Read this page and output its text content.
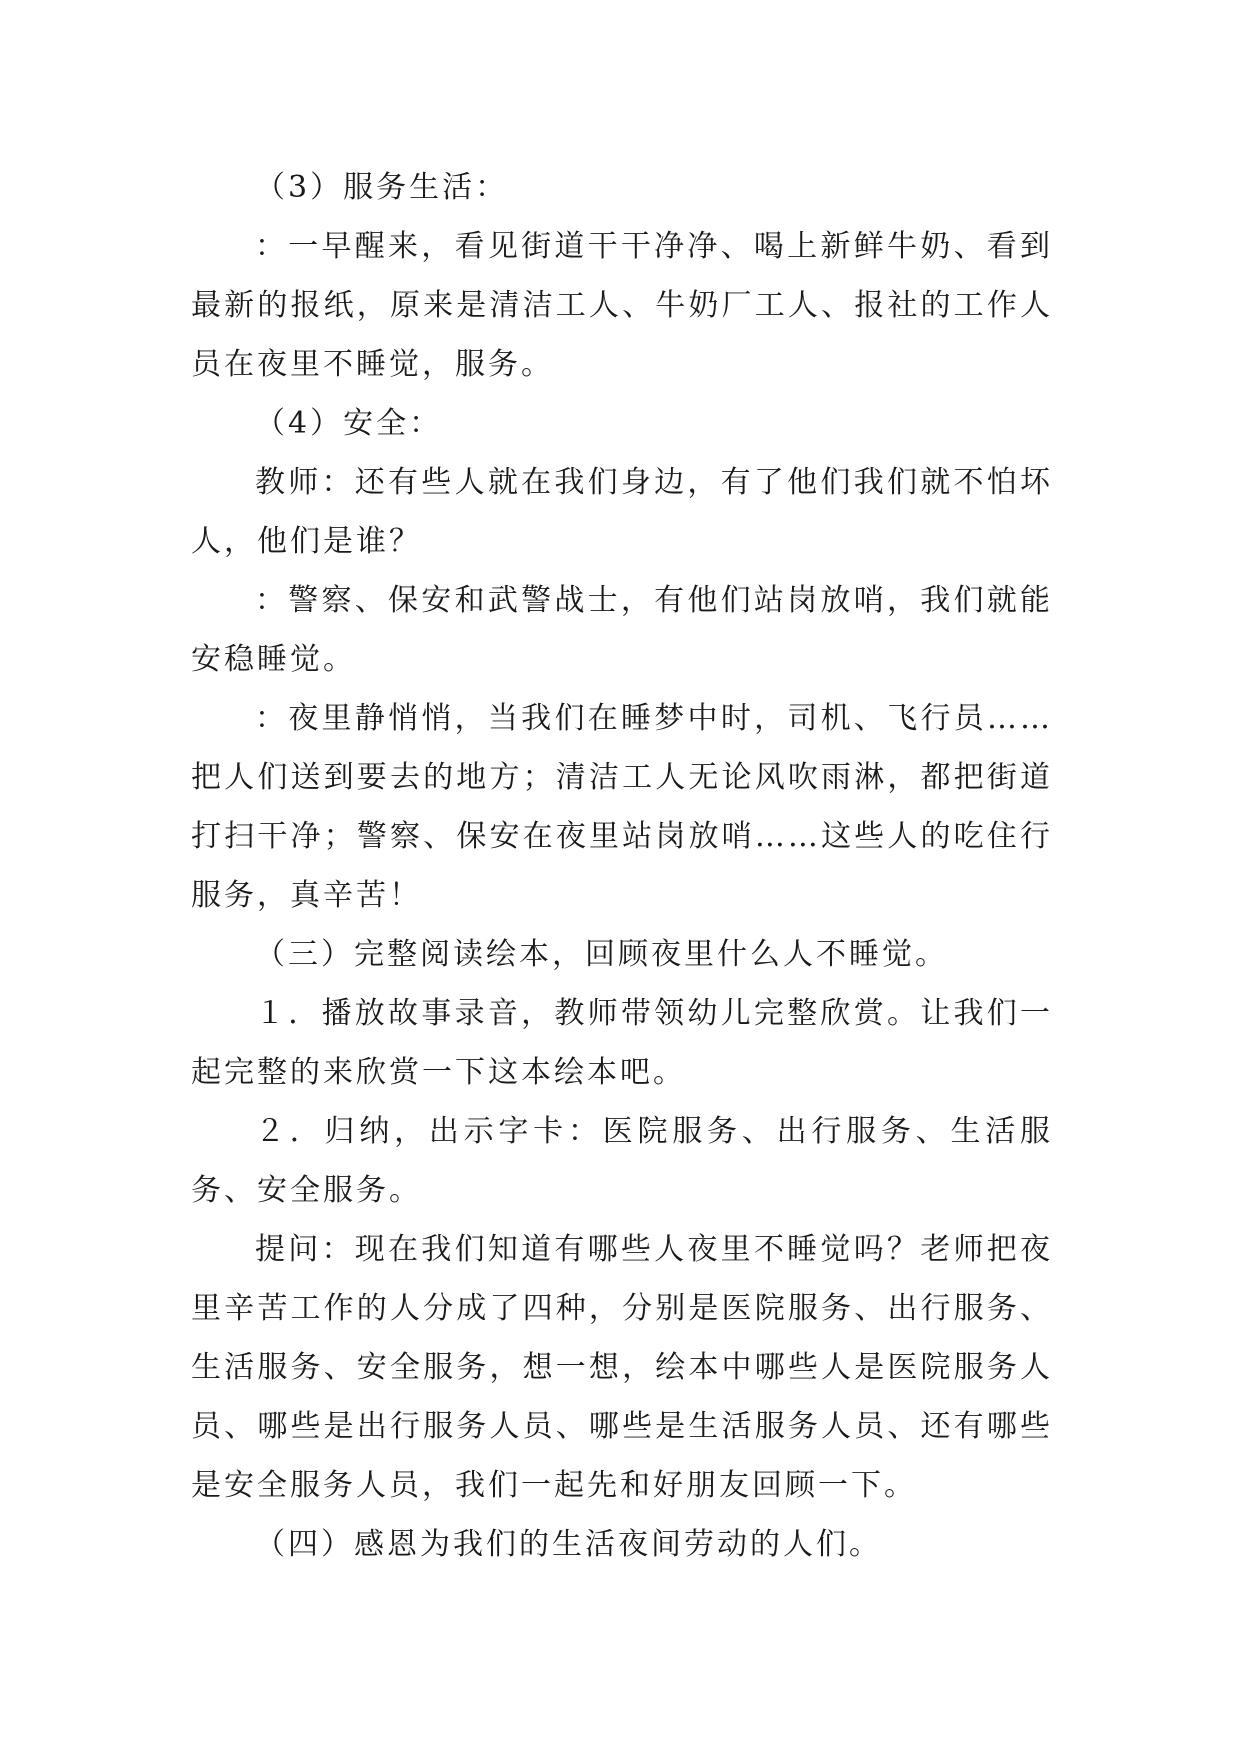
（3）服务生活：

：一早醒来，看见街道干干净净、喝上新鲜牛奶、看到最新的报纸，原来是清洁工人、牛奶厂工人、报社的工作人员在夜里不睡觉，服务。

（4）安全：

教师：还有些人就在我们身边，有了他们我们就不怕坏人，他们是谁？

：警察、保安和武警战士，有他们站岗放哨，我们就能安稳睡觉。

：夜里静悄悄，当我们在睡梦中时，司机、飞行员……把人们送到要去的地方；清洁工人无论风吹雨淋，都把街道打扫干净；警察、保安在夜里站岗放哨……这些人的吃住行服务，真辛苦！

（三）完整阅读绘本，回顾夜里什么人不睡觉。

１．播放故事录音，教师带领幼儿完整欣赏。让我们一起完整的来欣赏一下这本绘本吧。

２．归纳，出示字卡：医院服务、出行服务、生活服务、安全服务。

提问：现在我们知道有哪些人夜里不睡觉吗？老师把夜里辛苦工作的人分成了四种，分别是医院服务、出行服务、生活服务、安全服务，想一想，绘本中哪些人是医院服务人员、哪些是出行服务人员、哪些是生活服务人员、还有哪些是安全服务人员，我们一起先和好朋友回顾一下。

（四）感恩为我们的生活夜间劳动的人们。
